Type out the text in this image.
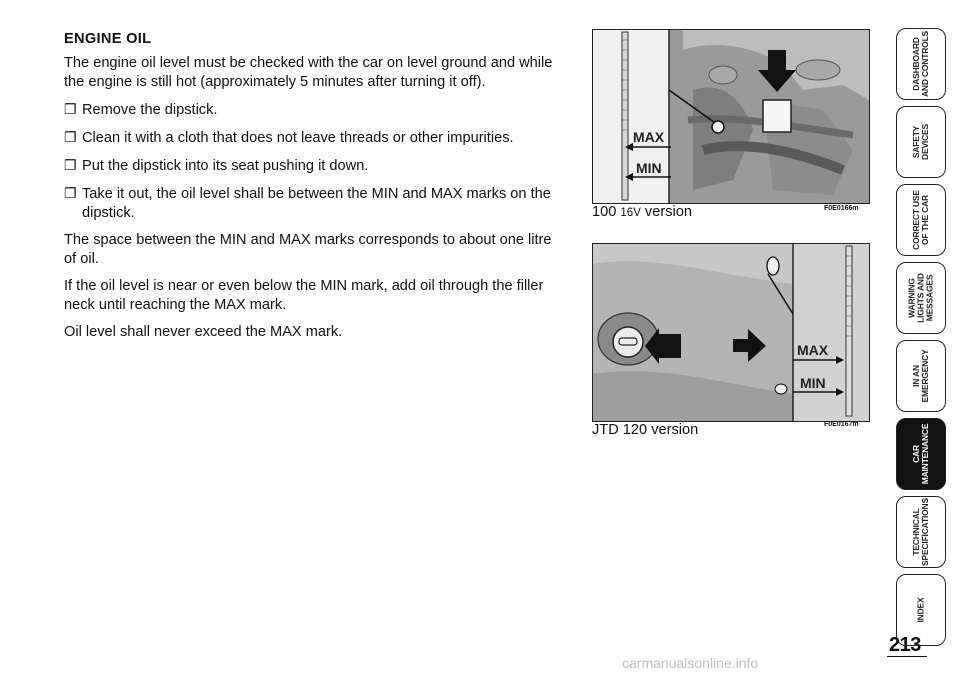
ENGINE OIL
The engine oil level must be checked with the car on level ground and while the engine is still hot (approximately 5 minutes after turning it off).
❒ Remove the dipstick.
❒ Clean it with a cloth that does not leave threads or other impurities.
❒ Put the dipstick into its seat pushing it down.
❒ Take it out, the oil level shall be between the MIN and MAX marks on the dipstick.
The space between the MIN and MAX marks corresponds to about one litre of oil.
If the oil level is near or even below the MIN mark, add oil through the filler neck until reaching the MAX mark.
Oil level shall never exceed the MAX mark.
MAX
MIN
100 16V version	F0E0166m
MAX
MIN
JTD 120 version	F0E0167m
DASHBOARD AND CONTROLS
SAFETY DEVICES
CORRECT USE OF THE CAR
WARNING LIGHTS AND MESSAGES
IN AN EMERGENCY
CAR MAINTENANCE
TECHNICAL SPECIFICATIONS
INDEX
213
carmanualsonline.info
